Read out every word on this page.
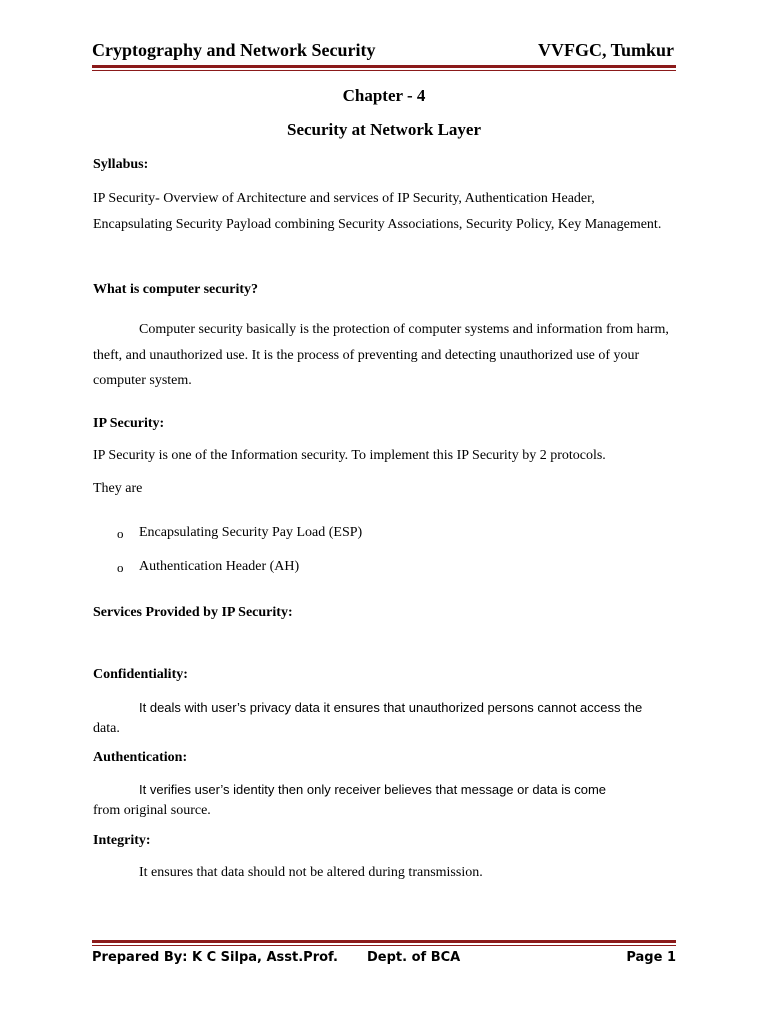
Cryptography and Network Security	VVFGC, Tumkur
Chapter - 4
Security at Network Layer
Syllabus:
IP Security- Overview of Architecture and services of IP Security, Authentication Header, Encapsulating Security Payload combining Security Associations, Security Policy, Key Management.
What is computer security?
Computer security basically is the protection of computer systems and information from harm, theft, and unauthorized use. It is the process of preventing and detecting unauthorized use of your computer system.
IP Security:
IP Security is one of the Information security. To implement this IP Security by 2 protocols.
They are
o Encapsulating Security Pay Load (ESP)
o Authentication Header (AH)
Services Provided by IP Security:
Confidentiality:
It deals with user’s privacy data it ensures that unauthorized persons cannot access the
data.
Authentication:
It verifies user’s identity then only receiver believes that message or data is come
from original source.
Integrity:
It ensures that data should not be altered during transmission.
Prepared By: K C Silpa, Asst.Prof. Dept. of BCA	Page 1
